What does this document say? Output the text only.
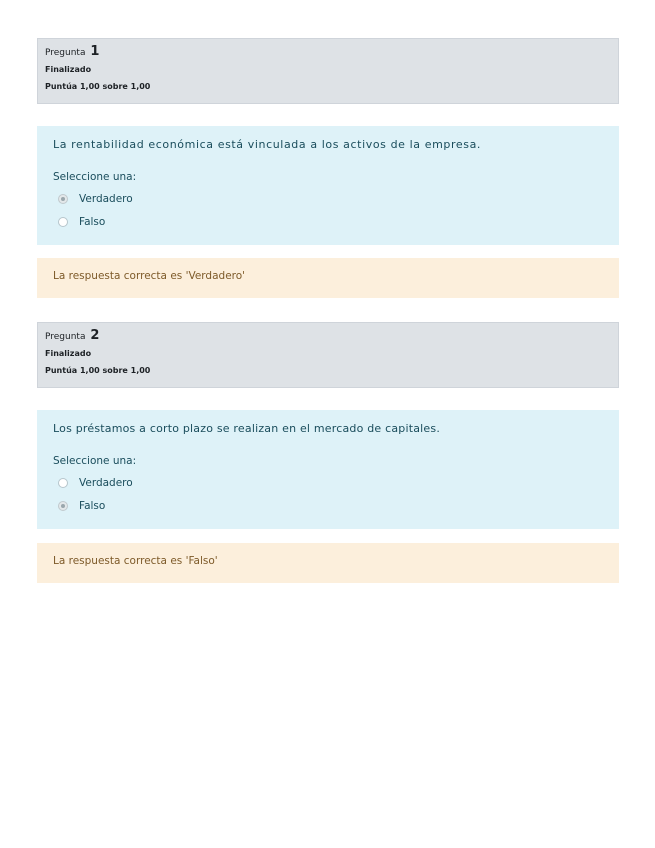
Pregunta 1
Finalizado
Puntúa 1,00 sobre 1,00
La rentabilidad económica está vinculada a los activos de la empresa.
Seleccione una:
Verdadero
Falso
La respuesta correcta es 'Verdadero'
Pregunta 2
Finalizado
Puntúa 1,00 sobre 1,00
Los préstamos a corto plazo se realizan en el mercado de capitales.
Seleccione una:
Verdadero
Falso
La respuesta correcta es 'Falso'
